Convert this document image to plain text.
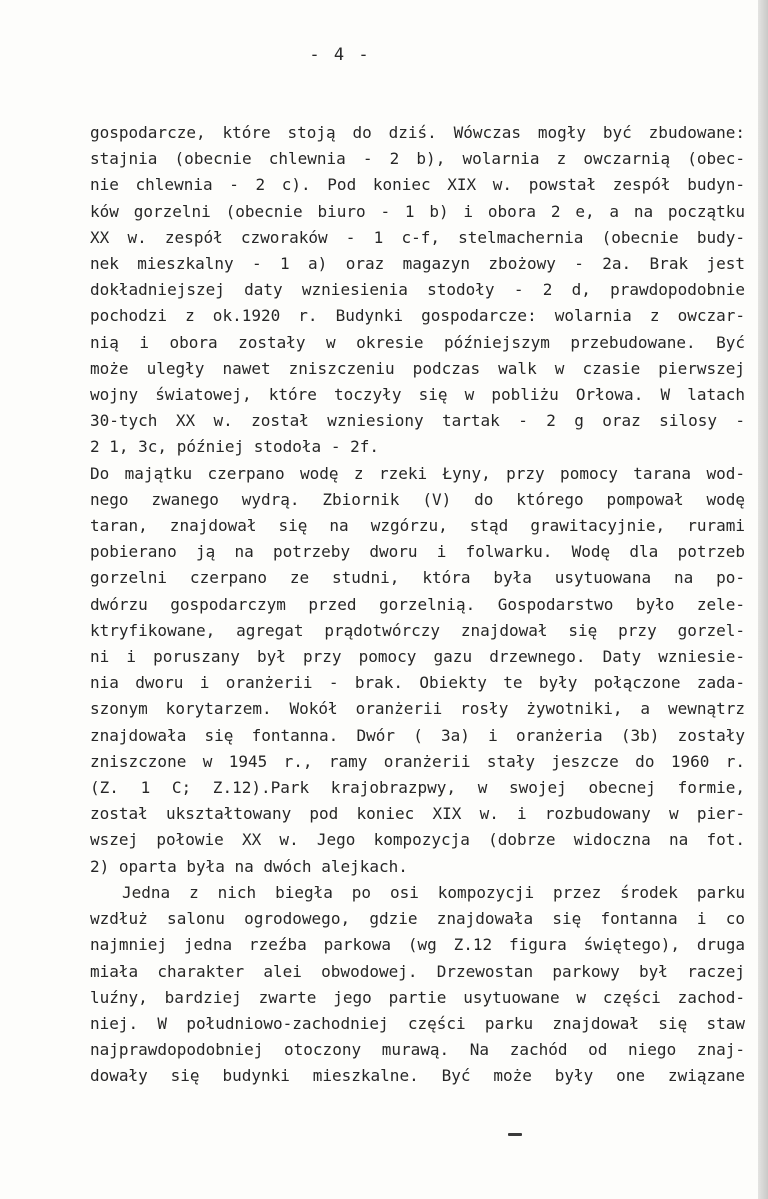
- 4 -
gospodarcze, które stoją do dziś. Wówczas mogły być zbudowane:
stajnia (obecnie chlewnia - 2 b), wolarnia z owczarnią (obec-
nie chlewnia - 2 c). Pod koniec XIX w. powstał zespół budyn-
ków gorzelni (obecnie biuro - 1 b) i obora 2 e, a na początku
XX w. zespół czworaków - 1 c-f, stelmacherniа (obecnie budy-
nek mieszkalny - 1 a) oraz magazyn zbożowy - 2a. Brak jest
dokładniejszej daty wzniesienia stodoły - 2 d, prawdopodobnie
pochodzi z ok.1920 r. Budynki gospodarcze: wolarnia z owczar-
nią i obora zostały w okresie późniejszym przebudowane. Być
może uległy nawet zniszczeniu podczas walk w czasie pierwszej
wojny światowej, które toczyły się w pobliżu Orłowa. W latach
30-tych XX w. został wzniesiony tartak - 2 g oraz silosy -
2 1, 3c, później stodoła - 2f.
Do majątku czerpano wodę z rzeki Łyny, przy pomocy tarana wod-
nego zwanego wydrą. Zbiornik (V) do którego pompował wodę
taran, znajdował się na wzgórzu, stąd grawitacyjnie, rurami
pobierano ją na potrzeby dworu i folwarku. Wodę dla potrzeb
gorzelni czerpano ze studni, która była usytuowana na po-
dwórzu gospodarczym przed gorzelnią. Gospodarstwo było zele-
ktryfikowane, agregat prądotwórczy znajdował się przy gorzel-
ni i poruszany był przy pomocy gazu drzewnego. Daty wzniesie-
nia dworu i oranżerii - brak. Obiekty te były połączone zada-
szonym korytarzem. Wokół oranżerii rosły żywotniki, a wewnątrz
znajdowała się fontanna. Dwór ( 3a) i oranżeria (3b) zostały
zniszczone w 1945 r., ramy oranżerii stały jeszcze do 1960 r.
(Z. 1 C; Z.12).Park krajobrazpwy, w swojej obecnej formie,
został ukształtowany pod koniec XIX w. i rozbudowany w pier-
wszej połowie XX w. Jego kompozycja (dobrze widoczna na fot.
2) oparta była na dwóch alejkach.
Jedna z nich biegła po osi kompozycji przez środek parku
wzdłuż salonu ogrodowego, gdzie znajdowała się fontanna i co
najmniej jedna rzeźba parkowa (wg Z.12 figura świętego), druga
miała charakter alei obwodowej. Drzewostan parkowy był raczej
luźny, bardziej zwarte jego partie usytuowane w części zachod-
niej. W południowo-zachodniej części parku znajdował się staw
najprawdopodobniej otoczony murawą. Na zachód od niego znaj-
dowały się budynki mieszkalne. Być może były one związane
